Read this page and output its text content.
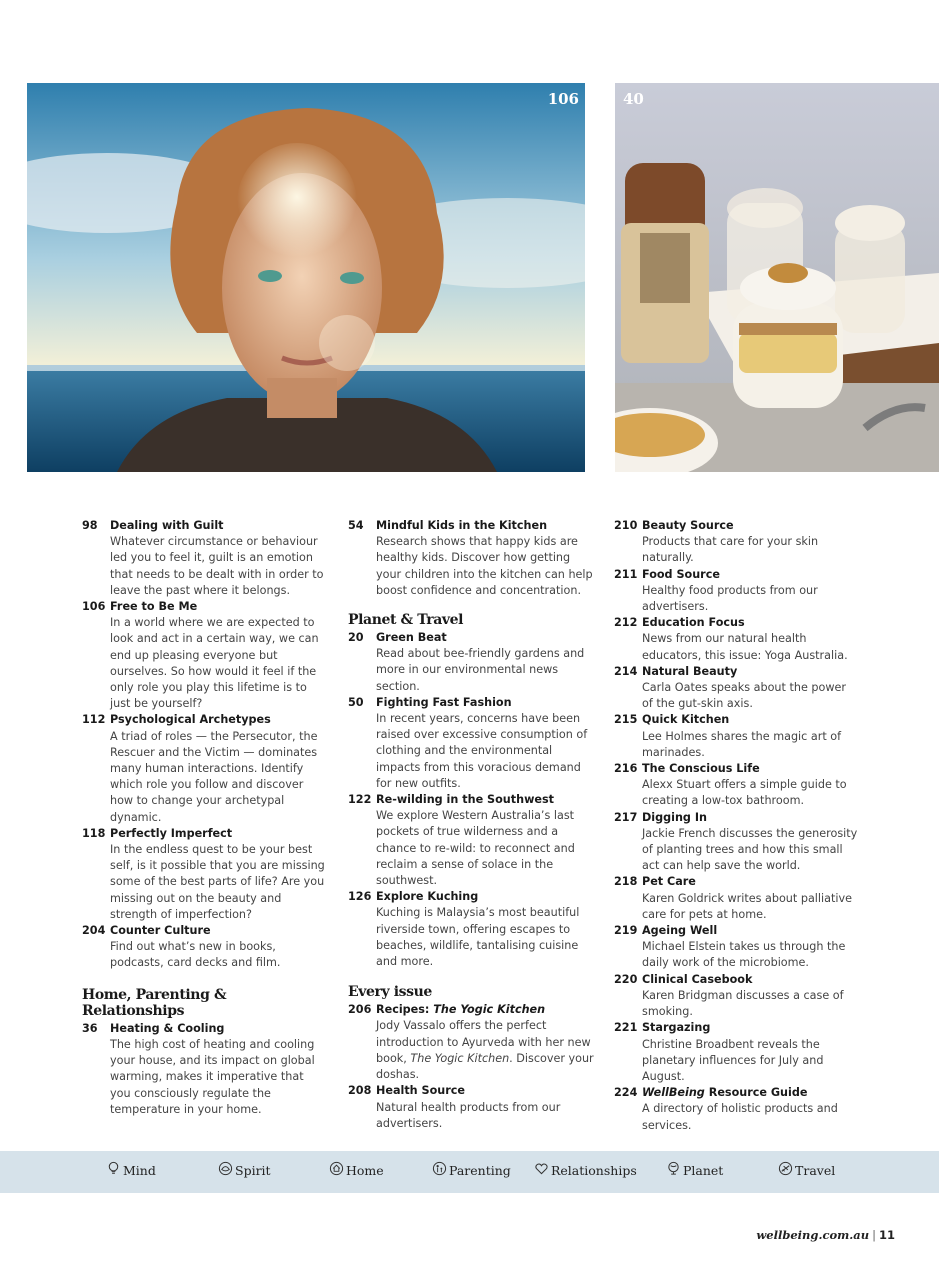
106	40
98 Dealing with Guilt
Whatever circumstance or behaviour led you to feel it, guilt is an emotion that needs to be dealt with in order to leave the past where it belongs.
106 Free to Be Me
In a world where we are expected to look and act in a certain way, we can end up pleasing everyone but ourselves. So how would it feel if the only role you play this lifetime is to just be yourself?
112 Psychological Archetypes
A triad of roles — the Persecutor, the Rescuer and the Victim — dominates many human interactions. Identify which role you follow and discover how to change your archetypal dynamic.
118 Perfectly Imperfect
In the endless quest to be your best self, is it possible that you are missing some of the best parts of life? Are you missing out on the beauty and strength of imperfection?
204 Counter Culture
Find out what’s new in books, podcasts, card decks and film.
Home, Parenting & Relationships
36 Heating & Cooling
The high cost of heating and cooling your house, and its impact on global warming, makes it imperative that you consciously regulate the temperature in your home.
54 Mindful Kids in the Kitchen
Research shows that happy kids are healthy kids. Discover how getting your children into the kitchen can help boost confidence and concentration.
Planet & Travel
20 Green Beat
Read about bee-friendly gardens and more in our environmental news section.
50 Fighting Fast Fashion
In recent years, concerns have been raised over excessive consumption of clothing and the environmental impacts from this voracious demand for new outfits.
122 Re-wilding in the Southwest
We explore Western Australia’s last pockets of true wilderness and a chance to re-wild: to reconnect and reclaim a sense of solace in the southwest.
126 Explore Kuching
Kuching is Malaysia’s most beautiful riverside town, offering escapes to beaches, wildlife, tantalising cuisine and more.
Every issue
206 Recipes: The Yogic Kitchen
Jody Vassalo offers the perfect introduction to Ayurveda with her new book, The Yogic Kitchen. Discover your doshas.
208 Health Source
Natural health products from our advertisers.
210 Beauty Source
Products that care for your skin naturally.
211 Food Source
Healthy food products from our advertisers.
212 Education Focus
News from our natural health educators, this issue: Yoga Australia.
214 Natural Beauty
Carla Oates speaks about the power of the gut-skin axis.
215 Quick Kitchen
Lee Holmes shares the magic art of marinades.
216 The Conscious Life
Alexx Stuart offers a simple guide to creating a low-tox bathroom.
217 Digging In
Jackie French discusses the generosity of planting trees and how this small act can help save the world.
218 Pet Care
Karen Goldrick writes about palliative care for pets at home.
219 Ageing Well
Michael Elstein takes us through the daily work of the microbiome.
220 Clinical Casebook
Karen Bridgman discusses a case of smoking.
221 Stargazing
Christine Broadbent reveals the planetary influences for July and August.
224 WellBeing Resource Guide
A directory of holistic products and services.
Mind	Spirit	Home	Parenting	Relationships	Planet	Travel
wellbeing.com.au | 11
